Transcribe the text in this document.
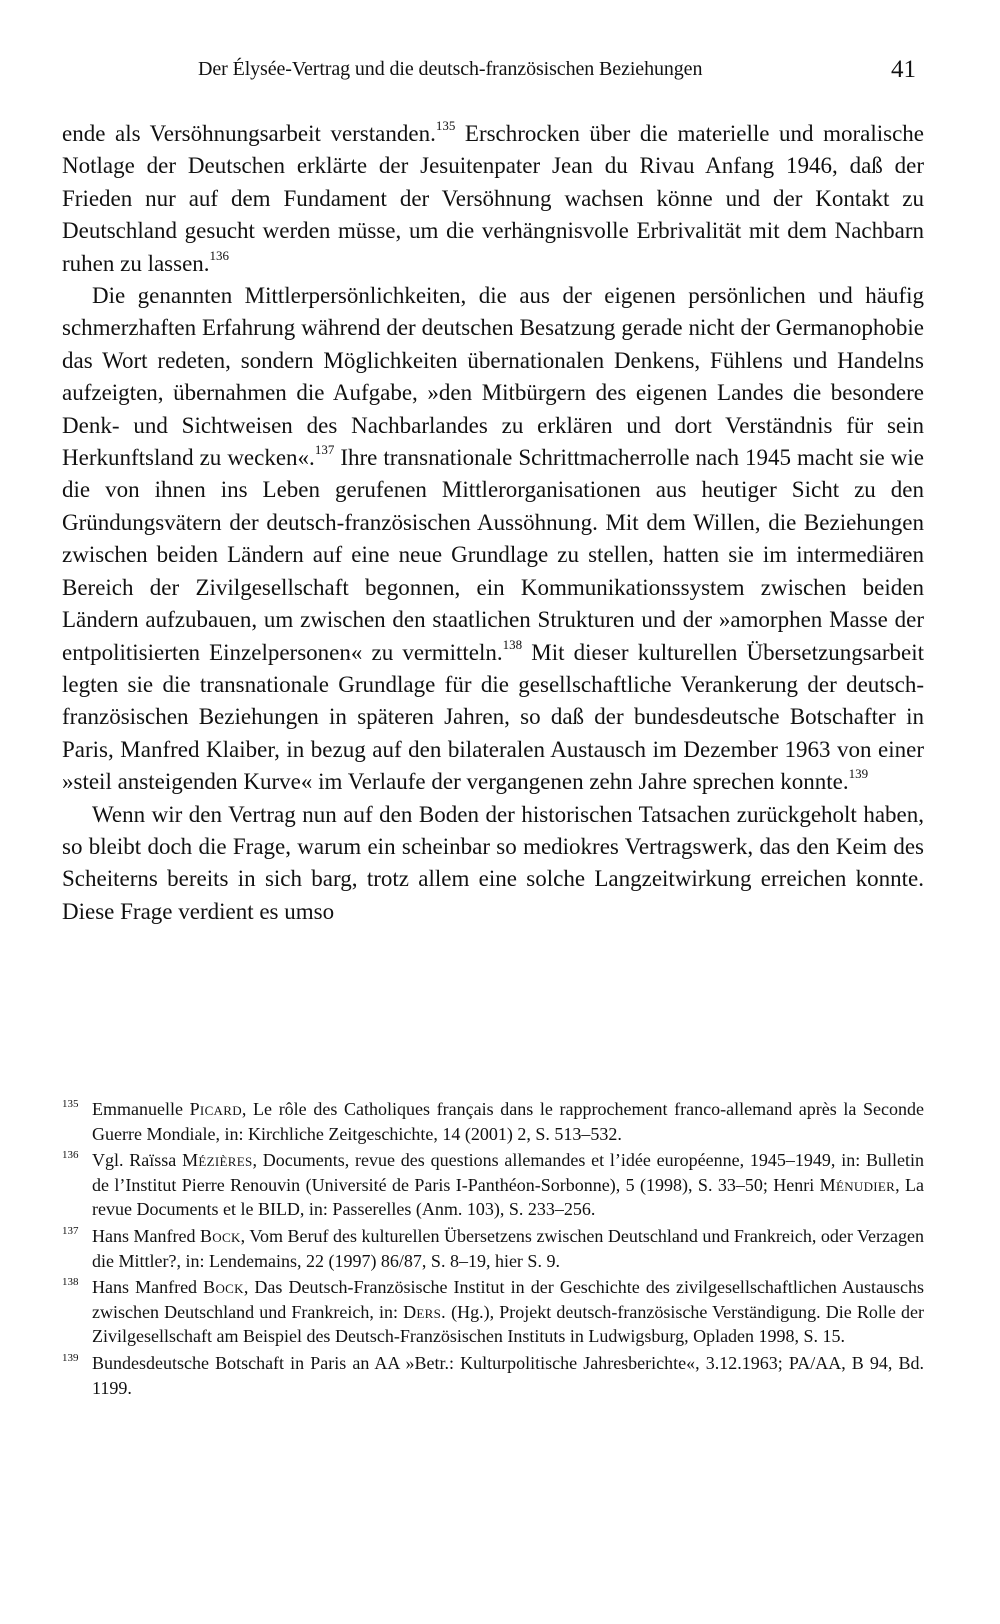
Der Élysée-Vertrag und die deutsch-französischen Beziehungen	41

ende als Versöhnungsarbeit verstanden.$^{135}$ Erschrocken über die materielle und moralische Notlage der Deutschen erklärte der Jesuitenpater Jean du Rivau Anfang 1946, daß der Frieden nur auf dem Fundament der Versöhnung wachsen könne und der Kontakt zu Deutschland gesucht werden müsse, um die verhängnisvolle Erbrivalität mit dem Nachbarn ruhen zu lassen.$^{136}$

Die genannten Mittlerpersönlichkeiten, die aus der eigenen persönlichen und häufig schmerzhaften Erfahrung während der deutschen Besatzung gerade nicht der Germanophobie das Wort redeten, sondern Möglichkeiten übernationalen Denkens, Fühlens und Handelns aufzeigten, übernahmen die Aufgabe, »den Mitbürgern des eigenen Landes die besondere Denk- und Sichtweisen des Nachbarlandes zu erklären und dort Verständnis für sein Herkunftsland zu wecken«.$^{137}$ Ihre transnationale Schrittmacherrolle nach 1945 macht sie wie die von ihnen ins Leben gerufenen Mittlerorganisationen aus heutiger Sicht zu den Gründungsvätern der deutsch-französischen Aussöhnung. Mit dem Willen, die Beziehungen zwischen beiden Ländern auf eine neue Grundlage zu stellen, hatten sie im intermediären Bereich der Zivilgesellschaft begonnen, ein Kommunikationssystem zwischen beiden Ländern aufzubauen, um zwischen den staatlichen Strukturen und der »amorphen Masse der entpolitisierten Einzelpersonen« zu vermitteln.$^{138}$ Mit dieser kulturellen Übersetzungsarbeit legten sie die transnationale Grundlage für die gesellschaftliche Verankerung der deutsch-französischen Beziehungen in späteren Jahren, so daß der bundesdeutsche Botschafter in Paris, Manfred Klaiber, in bezug auf den bilateralen Austausch im Dezember 1963 von einer »steil ansteigenden Kurve« im Verlaufe der vergangenen zehn Jahre sprechen konnte.$^{139}$

Wenn wir den Vertrag nun auf den Boden der historischen Tatsachen zurückgeholt haben, so bleibt doch die Frage, warum ein scheinbar so mediokres Vertragswerk, das den Keim des Scheiterns bereits in sich barg, trotz allem eine solche Langzeitwirkung erreichen konnte. Diese Frage verdient es umso

135 Emmanuelle Picard, Le rôle des Catholiques français dans le rapprochement franco-allemand après la Seconde Guerre Mondiale, in: Kirchliche Zeitgeschichte, 14 (2001) 2, S. 513–532.
136 Vgl. Raïssa Mézières, Documents, revue des questions allemandes et l’idée européenne, 1945–1949, in: Bulletin de l’Institut Pierre Renouvin (Université de Paris I-Panthéon-Sorbonne), 5 (1998), S. 33–50; Henri Ménudier, La revue Documents et le BILD, in: Passerelles (Anm. 103), S. 233–256.
137 Hans Manfred Bock, Vom Beruf des kulturellen Übersetzens zwischen Deutschland und Frankreich, oder Verzagen die Mittler?, in: Lendemains, 22 (1997) 86/87, S. 8–19, hier S. 9.
138 Hans Manfred Bock, Das Deutsch-Französische Institut in der Geschichte des zivilgesellschaftlichen Austauschs zwischen Deutschland und Frankreich, in: Ders. (Hg.), Projekt deutsch-französische Verständigung. Die Rolle der Zivilgesellschaft am Beispiel des Deutsch-Französischen Instituts in Ludwigsburg, Opladen 1998, S. 15.
139 Bundesdeutsche Botschaft in Paris an AA »Betr.: Kulturpolitische Jahresberichte«, 3.12.1963; PA/AA, B 94, Bd. 1199.
